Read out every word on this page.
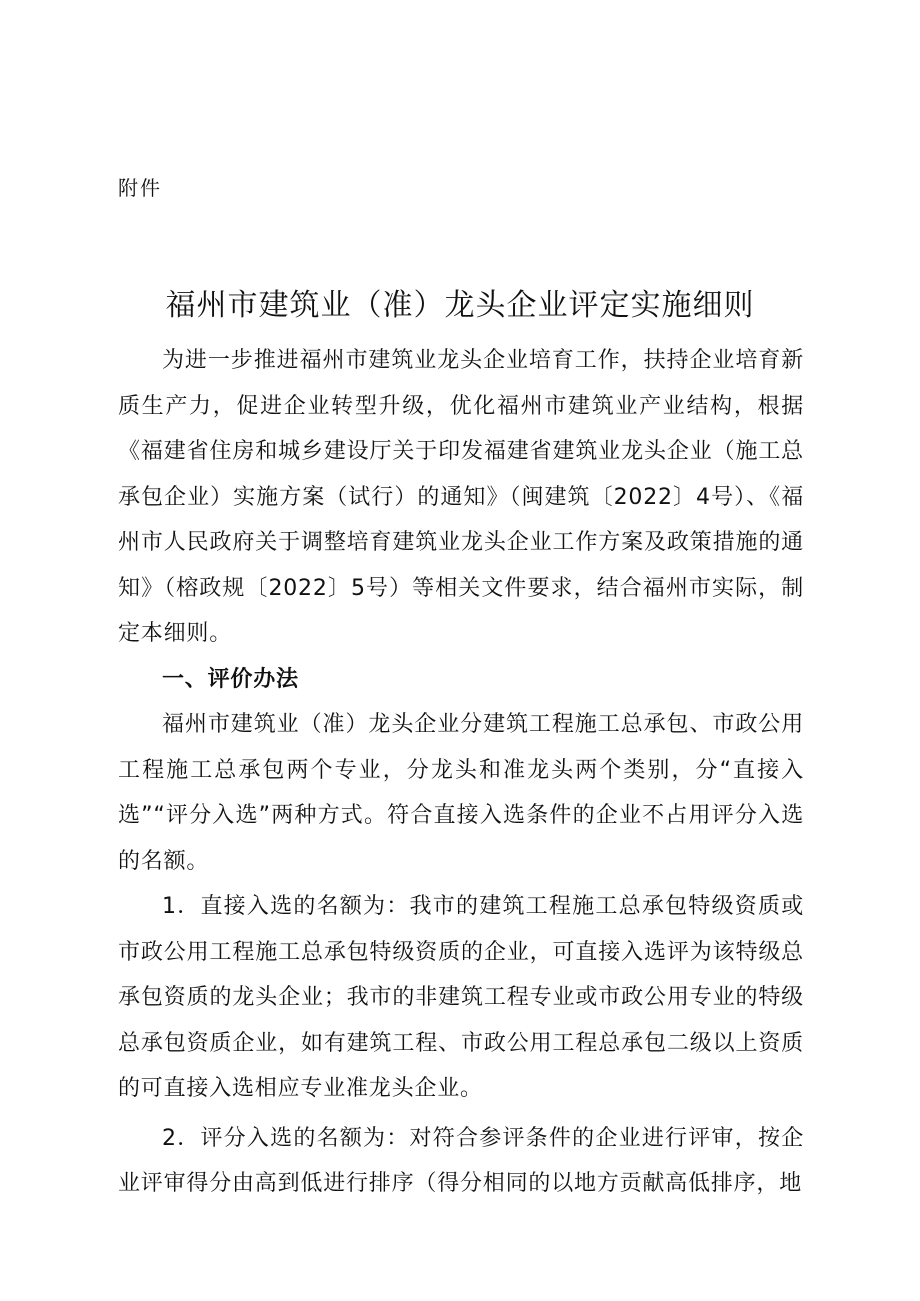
附件
福州市建筑业（准）龙头企业评定实施细则

为进一步推进福州市建筑业龙头企业培育工作，扶持企业培育新质生产力，促进企业转型升级，优化福州市建筑业产业结构，根据《福建省住房和城乡建设厅关于印发福建省建筑业龙头企业（施工总承包企业）实施方案（试行）的通知》（闽建筑〔2022〕4号）、《福州市人民政府关于调整培育建筑业龙头企业工作方案及政策措施的通知》（榕政规〔2022〕5号）等相关文件要求，结合福州市实际，制定本细则。

一、评价办法

福州市建筑业（准）龙头企业分建筑工程施工总承包、市政公用工程施工总承包两个专业，分龙头和准龙头两个类别，分“直接入选”“评分入选”两种方式。符合直接入选条件的企业不占用评分入选的名额。

1．直接入选的名额为：我市的建筑工程施工总承包特级资质或市政公用工程施工总承包特级资质的企业，可直接入选评为该特级总承包资质的龙头企业；我市的非建筑工程专业或市政公用专业的特级总承包资质企业，如有建筑工程、市政公用工程总承包二级以上资质的可直接入选相应专业准龙头企业。

2．评分入选的名额为：对符合参评条件的企业进行评审，按企业评审得分由高到低进行排序（得分相同的以地方贡献高低排序，地
